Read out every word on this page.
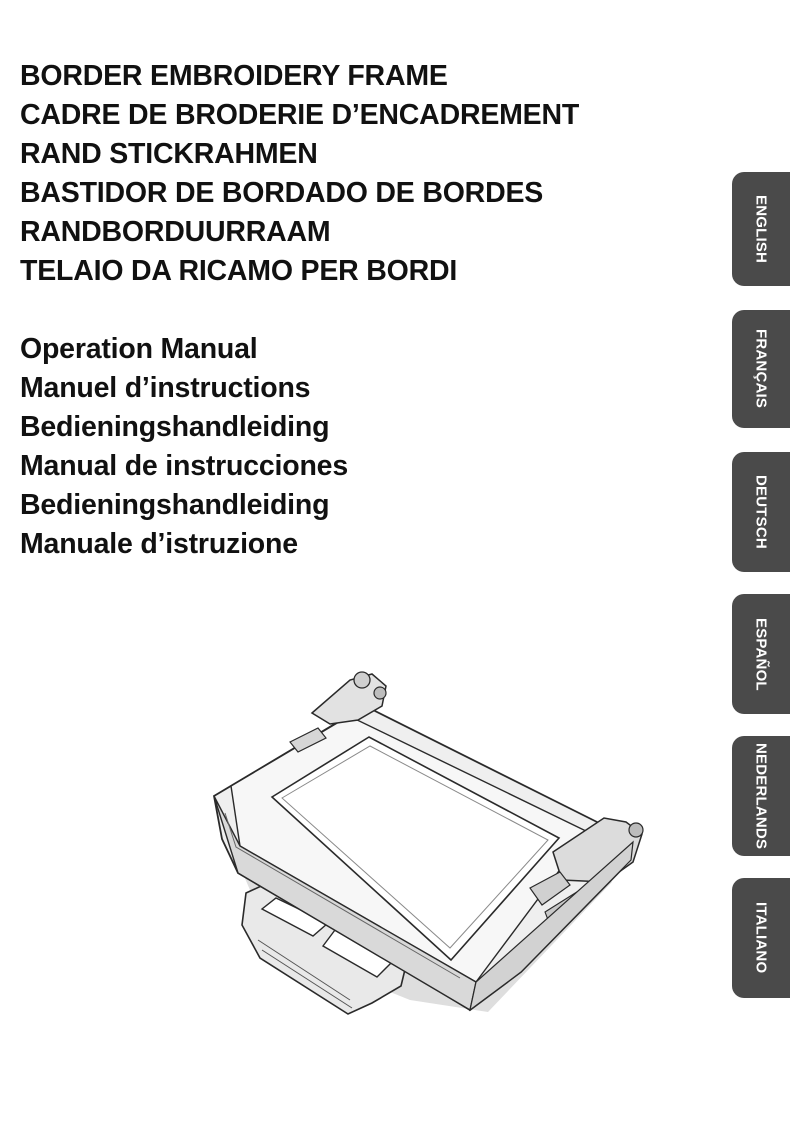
BORDER EMBROIDERY FRAME
CADRE DE BRODERIE D’ENCADREMENT
RAND STICKRAHMEN
BASTIDOR DE BORDADO DE BORDES
RANDBORDUURRAAM
TELAIO DA RICAMO PER BORDI
Operation Manual
Manuel d’instructions
Bedieningshandleiding
Manual de instrucciones
Bedieningshandleiding
Manuale d’istruzione
ENGLISH
FRANÇAIS
DEUTSCH
ESPAÑOL
NEDERLANDS
ITALIANO
